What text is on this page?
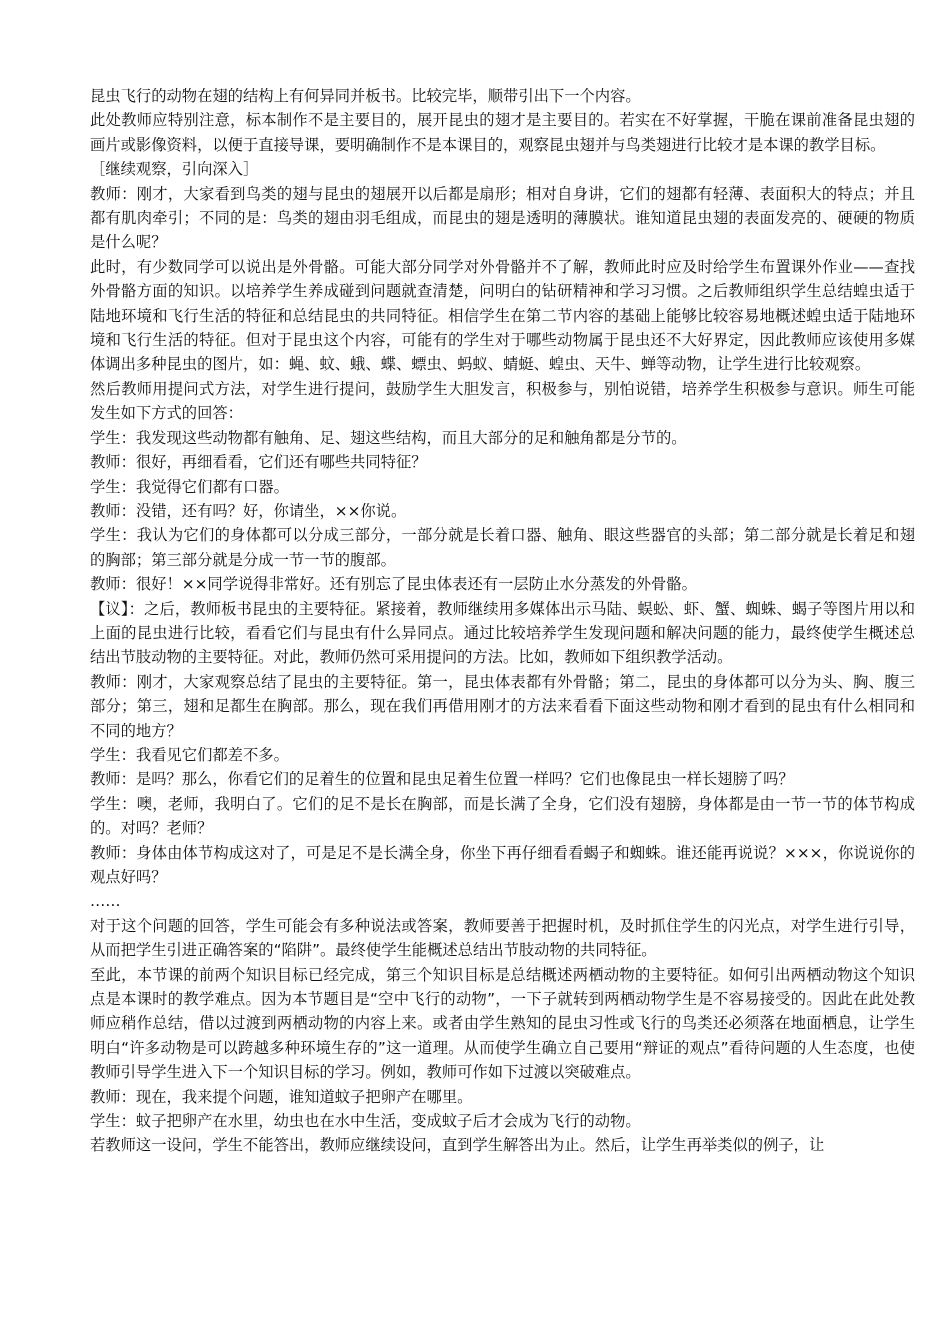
昆虫飞行的动物在翅的结构上有何异同并板书。比较完毕，顺带引出下一个内容。

此处教师应特别注意，标本制作不是主要目的，展开昆虫的翅才是主要目的。若实在不好掌握，干脆在课前准备昆虫翅的画片或影像资料，以便于直接导课，要明确制作不是本课目的，观察昆虫翅并与鸟类翅进行比较才是本课的教学目标。

［继续观察，引向深入］

教师：刚才，大家看到鸟类的翅与昆虫的翅展开以后都是扇形；相对自身讲，它们的翅都有轻薄、表面积大的特点；并且都有肌肉牵引；不同的是：鸟类的翅由羽毛组成，而昆虫的翅是透明的薄膜状。谁知道昆虫翅的表面发亮的、硬硬的物质是什么呢？

此时，有少数同学可以说出是外骨骼。可能大部分同学对外骨骼并不了解，教师此时应及时给学生布置课外作业——查找外骨骼方面的知识。以培养学生养成碰到问题就查清楚，问明白的钻研精神和学习习惯。之后教师组织学生总结蝗虫适于陆地环境和飞行生活的特征和总结昆虫的共同特征。相信学生在第二节内容的基础上能够比较容易地概述蝗虫适于陆地环境和飞行生活的特征。但对于昆虫这个内容，可能有的学生对于哪些动物属于昆虫还不大好界定，因此教师应该使用多媒体调出多种昆虫的图片，如：蝇、蚊、蛾、蝶、螵虫、蚂蚁、蜻蜓、蝗虫、天牛、蝉等动物，让学生进行比较观察。

然后教师用提问式方法，对学生进行提问，鼓励学生大胆发言，积极参与，别怕说错，培养学生积极参与意识。师生可能发生如下方式的回答：

学生：我发现这些动物都有触角、足、翅这些结构，而且大部分的足和触角都是分节的。

教师：很好，再细看看，它们还有哪些共同特征？

学生：我觉得它们都有口器。

教师：没错，还有吗？好，你请坐，××你说。

学生：我认为它们的身体都可以分成三部分，一部分就是长着口器、触角、眼这些器官的头部；第二部分就是长着足和翅的胸部；第三部分就是分成一节一节的腹部。

教师：很好！××同学说得非常好。还有别忘了昆虫体表还有一层防止水分蒸发的外骨骼。

【议】：之后，教师板书昆虫的主要特征。紧接着，教师继续用多媒体出示马陆、蜈蚣、虾、蟹、蜘蛛、蝎子等图片用以和上面的昆虫进行比较，看看它们与昆虫有什么异同点。通过比较培养学生发现问题和解决问题的能力，最终使学生概述总结出节肢动物的主要特征。对此，教师仍然可采用提问的方法。比如，教师如下组织教学活动。

教师：刚才，大家观察总结了昆虫的主要特征。第一，昆虫体表都有外骨骼；第二，昆虫的身体都可以分为头、胸、腹三部分；第三，翅和足都生在胸部。那么，现在我们再借用刚才的方法来看看下面这些动物和刚才看到的昆虫有什么相同和不同的地方？

学生：我看见它们都差不多。

教师：是吗？那么，你看它们的足着生的位置和昆虫足着生位置一样吗？它们也像昆虫一样长翅膀了吗？

学生：噢，老师，我明白了。它们的足不是长在胸部，而是长满了全身，它们没有翅膀，身体都是由一节一节的体节构成的。对吗？老师？

教师：身体由体节构成这对了，可是足不是长满全身，你坐下再仔细看看蝎子和蜘蛛。谁还能再说说？×××，你说说你的观点好吗？

……

对于这个问题的回答，学生可能会有多种说法或答案，教师要善于把握时机，及时抓住学生的闪光点，对学生进行引导，从而把学生引进正确答案的“陷阱”。最终使学生能概述总结出节肢动物的共同特征。

至此，本节课的前两个知识目标已经完成，第三个知识目标是总结概述两栖动物的主要特征。如何引出两栖动物这个知识点是本课时的教学难点。因为本节题目是“空中飞行的动物”，一下子就转到两栖动物学生是不容易接受的。因此在此处教师应稍作总结，借以过渡到两栖动物的内容上来。或者由学生熟知的昆虫习性或飞行的鸟类还必须落在地面栖息，让学生明白“许多动物是可以跨越多种环境生存的”这一道理。从而使学生确立自己要用“辩证的观点”看待问题的人生态度，也使教师引导学生进入下一个知识目标的学习。例如，教师可作如下过渡以突破难点。

教师：现在，我来提个问题，谁知道蚊子把卵产在哪里。

学生：蚊子把卵产在水里，幼虫也在水中生活，变成蚊子后才会成为飞行的动物。

若教师这一设问，学生不能答出，教师应继续设问，直到学生解答出为止。然后，让学生再举类似的例子，让
